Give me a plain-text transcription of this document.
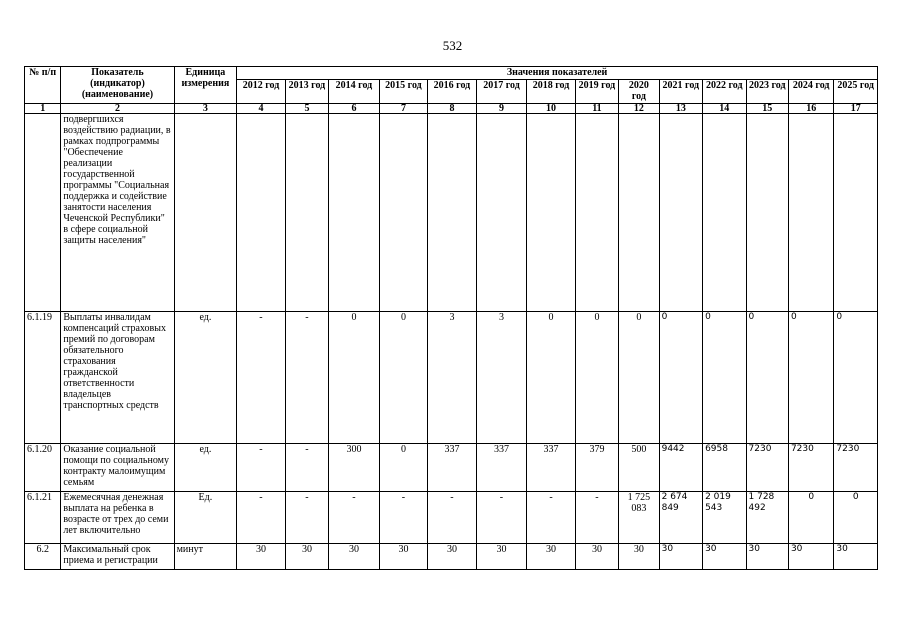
532
№ п/п	Показатель (индикатор) (наименование)	Единица измерения	Значения показателей													
			2012 год	2013 год	2014 год	2015 год	2016 год	2017 год	2018 год	2019 год	2020 год	2021 год	2022 год	2023 год	2024 год	2025 год
1	2	3	4	5	6	7	8	9	10	11	12	13	14	15	16	17
	подвергшихся воздействию радиации, в рамках подпрограммы "Обеспечение реализации государственной программы "Социальная поддержка и содействие занятости населения Чеченской Республики" в сфере социальной защиты населения"															
6.1.19	Выплаты инвалидам компенсаций страховых премий по договорам обязательного страхования гражданской ответственности владельцев транспортных средств	ед.	-	-	0	0	3	3	0	0	0	0	0	0	0	0
6.1.20	Оказание социальной помощи по социальному контракту малоимущим семьям	ед.	-	-	300	0	337	337	337	379	500	9442	6958	7230	7230	7230
6.1.21	Ежемесячная денежная выплата на ребенка в возрасте от трех до семи лет включительно	Ед.	-	-	-	-	-	-	-	-	1 725 083	2 674 849	2 019 543	1 728 492	0	0
6.2	Максимальный срок приема и регистрации	минут	30	30	30	30	30	30	30	30	30	30	30	30	30	30
